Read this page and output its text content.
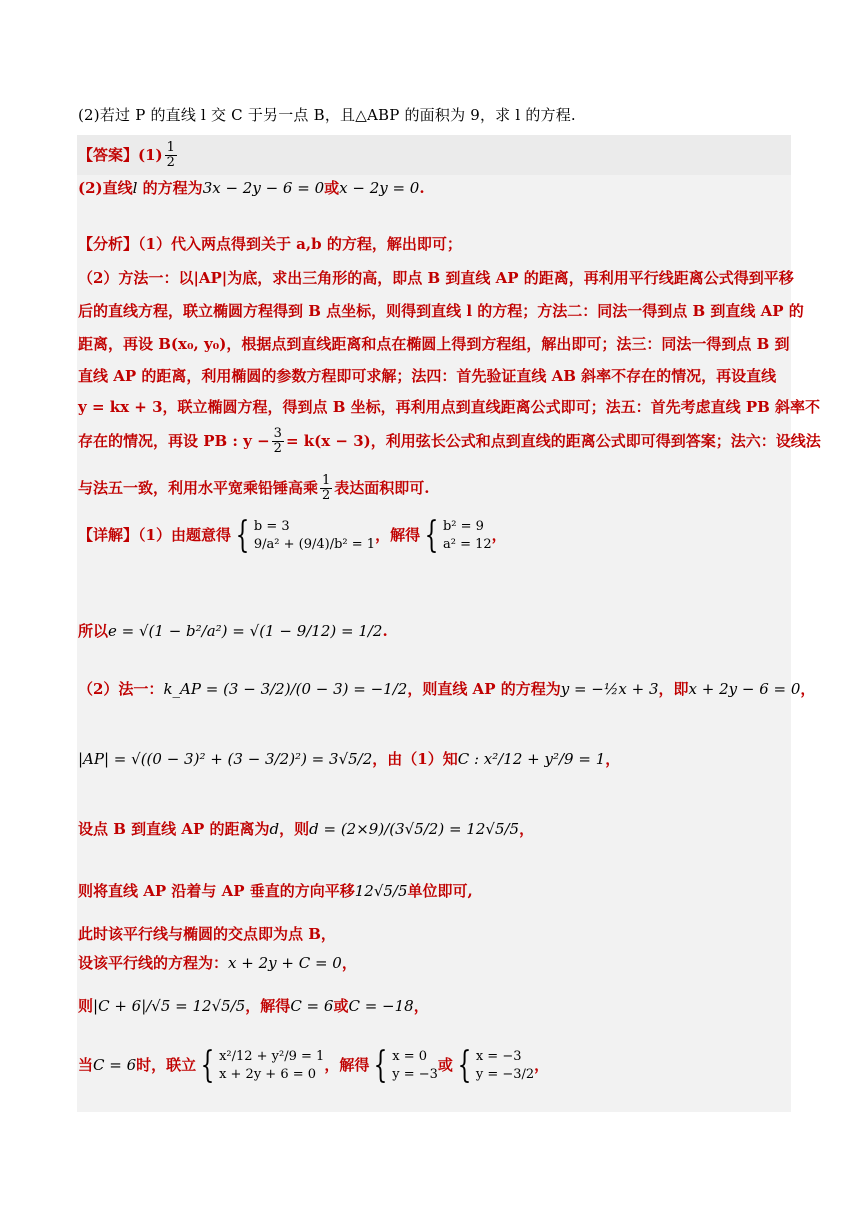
(2)若过 P 的直线 l 交 C 于另一点 B，且△ABP 的面积为 9，求 l 的方程.
【答案】$(1) \frac{1}{2}$
(2)直线l 的方程为3x − 2y − 6 = 0或x − 2y = 0.
【分析】（1）代入两点得到关于 a,b 的方程，解出即可；
（2）方法一：以|AP|为底，求出三角形的高，即点 B 到直线 AP 的距离，再利用平行线距离公式得到平移
后的直线方程，联立椭圆方程得到 B 点坐标，则得到直线 l 的方程；方法二：同法一得到点 B 到直线 AP 的
距离，再设 B(x₀, y₀)，根据点到直线距离和点在椭圆上得到方程组，解出即可；法三：同法一得到点 B 到
直线 AP 的距离，利用椭圆的参数方程即可求解；法四：首先验证直线 AB 斜率不存在的情况，再设直线
y = kx + 3，联立椭圆方程，得到点 B 坐标，再利用点到直线距离公式即可；法五：首先考虑直线 PB 斜率不
存在的情况，再设 PB : $y - \frac{3}{2} = k(x - 3)$，利用弦长公式和点到直线的距离公式即可得到答案；法六：设线法
与法五一致，利用水平宽乘铅锤高乘 $\frac{1}{2}$ 表达面积即可.
【详解】（1）由题意得 { b = 3
9/a² + (9/4)/b² = 1
，解得 { b² = 9
a² = 12
，
所以e = √(1 − b²/a²) = √(1 − 9/12) = 1/2.
（2）法一：k_AP = (3 − 3/2)/(0 − 3) = −1/2，则直线 AP 的方程为y = −½x + 3，即x + 2y − 6 = 0，
|AP| = √((0 − 3)² + (3 − 3/2)²) = 3√5/2，由（1）知C : x²/12 + y²/9 = 1，
设点 B 到直线 AP 的距离为d，则d = (2×9)/(3√5/2) = 12√5/5，
则将直线 AP 沿着与 AP 垂直的方向平移12√5/5单位即可,
此时该平行线与椭圆的交点即为点 B，
设该平行线的方程为：x + 2y + C = 0，
则|C + 6|/√5 = 12√5/5，解得C = 6或C = −18，
当C = 6时，联立 { x²/12 + y²/9 = 1
x + 2y + 6 = 0
，解得 { x = 0
y = −3
或 { x = −3
y = −3/2
，
